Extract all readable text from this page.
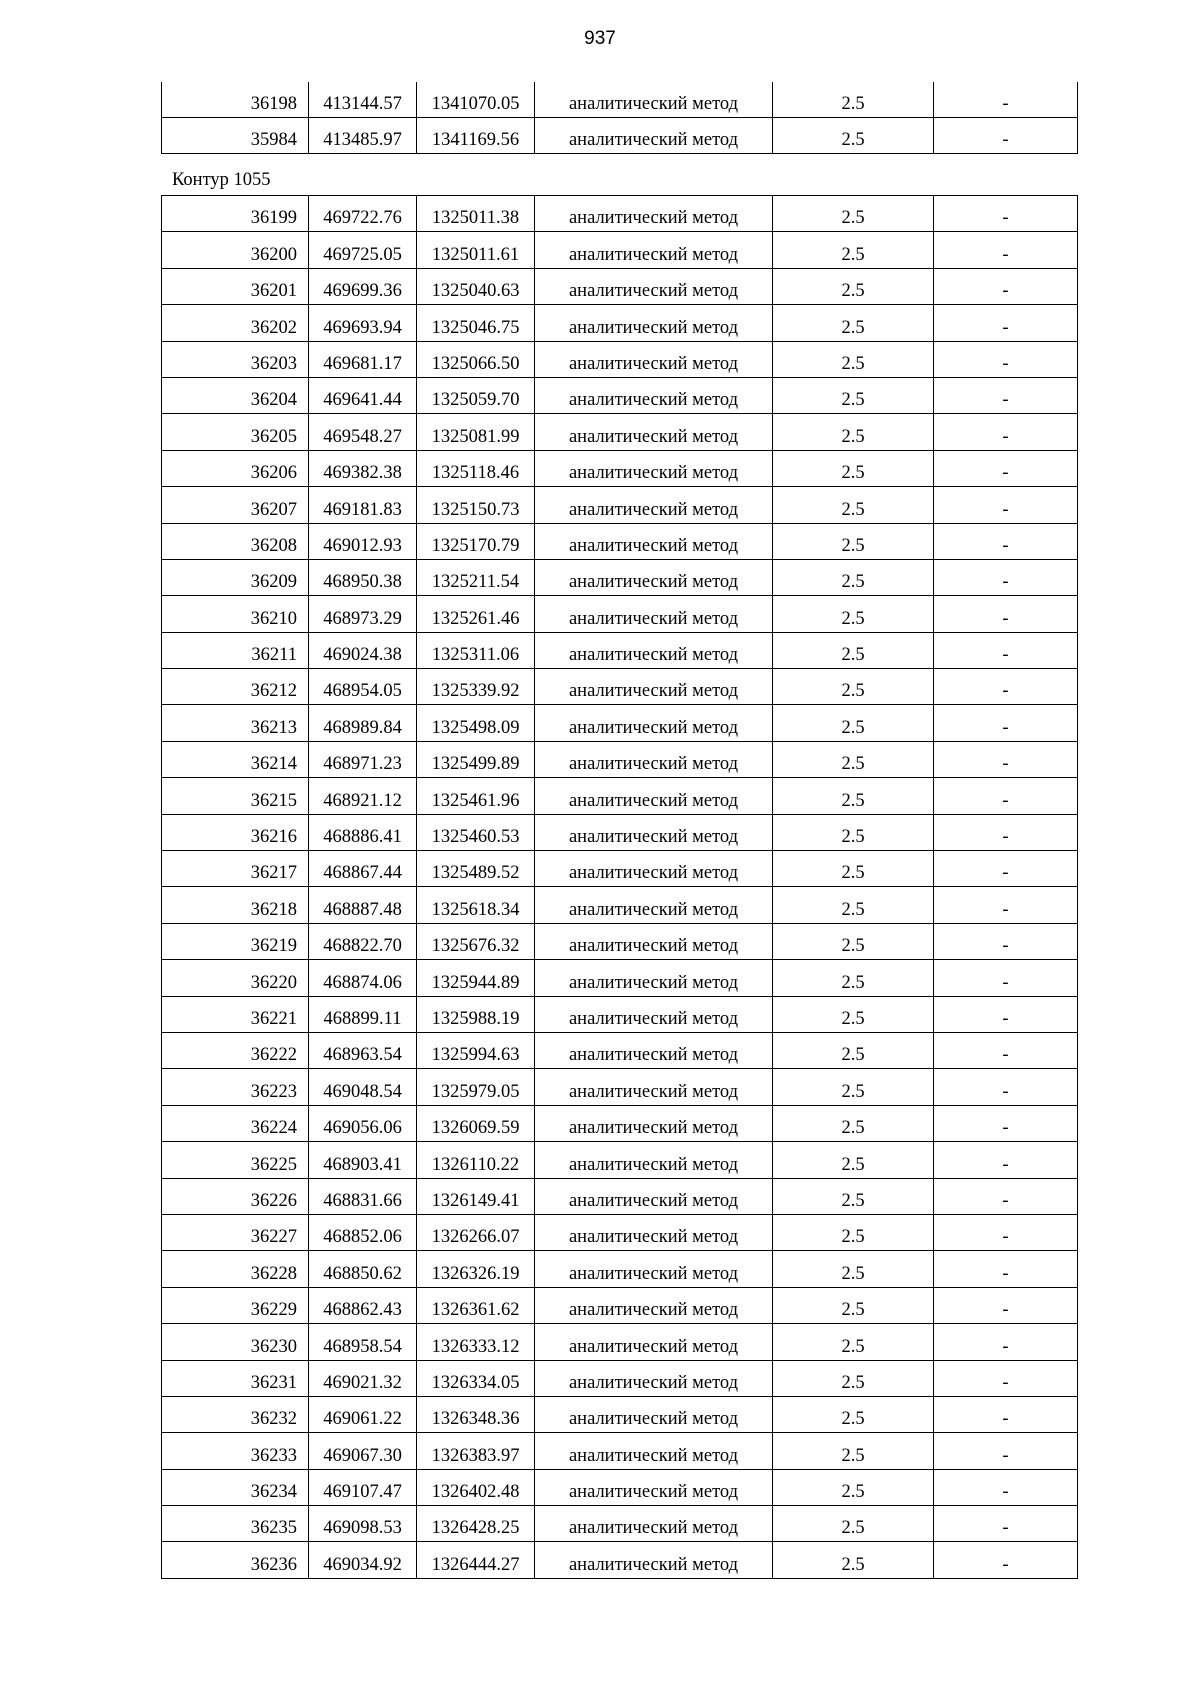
937
36198	413144.57	1341070.05	аналитический метод	2.5	-
35984	413485.97	1341169.56	аналитический метод	2.5	-
Контур 1055
36199	469722.76	1325011.38	аналитический метод	2.5	-
36200	469725.05	1325011.61	аналитический метод	2.5	-
36201	469699.36	1325040.63	аналитический метод	2.5	-
36202	469693.94	1325046.75	аналитический метод	2.5	-
36203	469681.17	1325066.50	аналитический метод	2.5	-
36204	469641.44	1325059.70	аналитический метод	2.5	-
36205	469548.27	1325081.99	аналитический метод	2.5	-
36206	469382.38	1325118.46	аналитический метод	2.5	-
36207	469181.83	1325150.73	аналитический метод	2.5	-
36208	469012.93	1325170.79	аналитический метод	2.5	-
36209	468950.38	1325211.54	аналитический метод	2.5	-
36210	468973.29	1325261.46	аналитический метод	2.5	-
36211	469024.38	1325311.06	аналитический метод	2.5	-
36212	468954.05	1325339.92	аналитический метод	2.5	-
36213	468989.84	1325498.09	аналитический метод	2.5	-
36214	468971.23	1325499.89	аналитический метод	2.5	-
36215	468921.12	1325461.96	аналитический метод	2.5	-
36216	468886.41	1325460.53	аналитический метод	2.5	-
36217	468867.44	1325489.52	аналитический метод	2.5	-
36218	468887.48	1325618.34	аналитический метод	2.5	-
36219	468822.70	1325676.32	аналитический метод	2.5	-
36220	468874.06	1325944.89	аналитический метод	2.5	-
36221	468899.11	1325988.19	аналитический метод	2.5	-
36222	468963.54	1325994.63	аналитический метод	2.5	-
36223	469048.54	1325979.05	аналитический метод	2.5	-
36224	469056.06	1326069.59	аналитический метод	2.5	-
36225	468903.41	1326110.22	аналитический метод	2.5	-
36226	468831.66	1326149.41	аналитический метод	2.5	-
36227	468852.06	1326266.07	аналитический метод	2.5	-
36228	468850.62	1326326.19	аналитический метод	2.5	-
36229	468862.43	1326361.62	аналитический метод	2.5	-
36230	468958.54	1326333.12	аналитический метод	2.5	-
36231	469021.32	1326334.05	аналитический метод	2.5	-
36232	469061.22	1326348.36	аналитический метод	2.5	-
36233	469067.30	1326383.97	аналитический метод	2.5	-
36234	469107.47	1326402.48	аналитический метод	2.5	-
36235	469098.53	1326428.25	аналитический метод	2.5	-
36236	469034.92	1326444.27	аналитический метод	2.5	-
